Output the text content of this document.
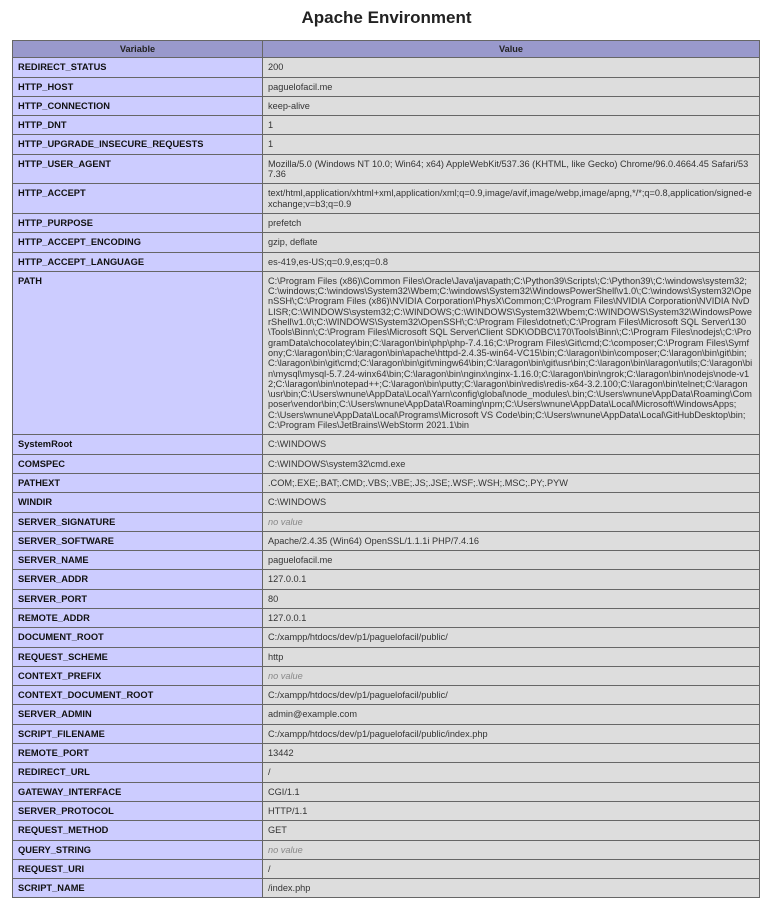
Apache Environment
Variable	Value
REDIRECT_STATUS	200
HTTP_HOST	paguelofacil.me
HTTP_CONNECTION	keep-alive
HTTP_DNT	1
HTTP_UPGRADE_INSECURE_REQUESTS	1
HTTP_USER_AGENT	Mozilla/5.0 (Windows NT 10.0; Win64; x64) AppleWebKit/537.36 (KHTML, like Gecko) Chrome/96.0.4664.45 Safari/537.36
HTTP_ACCEPT	text/html,application/xhtml+xml,application/xml;q=0.9,image/avif,image/webp,image/apng,*/*;q=0.8,application/signed-exchange;v=b3;q=0.9
HTTP_PURPOSE	prefetch
HTTP_ACCEPT_ENCODING	gzip, deflate
HTTP_ACCEPT_LANGUAGE	es-419,es-US;q=0.9,es;q=0.8
PATH	C:\Program Files (x86)\Common Files\Oracle\Java\javapath;C:\Python39\Scripts\;C:\Python39\;C:\windows\system32;C:\windows;C:\windows\System32\Wbem;C:\windows\System32\WindowsPowerShell\v1.0\;C:\windows\System32\OpenSSH\;C:\Program Files (x86)\NVIDIA Corporation\PhysX\Common;C:\Program Files\NVIDIA Corporation\NVIDIA NvDLISR;C:\WINDOWS\system32;C:\WINDOWS;C:\WINDOWS\System32\Wbem;C:\WINDOWS\System32\WindowsPowerShell\v1.0\;C:\WINDOWS\System32\OpenSSH\;C:\Program Files\dotnet\;C:\Program Files\Microsoft SQL Server\130\Tools\Binn\;C:\Program Files\Microsoft SQL Server\Client SDK\ODBC\170\Tools\Binn\;C:\Program Files\nodejs\;C:\ProgramData\chocolatey\bin;C:\laragon\bin\php\php-7.4.16;C:\Program Files\Git\cmd;C:\composer;C:\Program Files\Symfony;C:\laragon\bin;C:\laragon\bin\apache\httpd-2.4.35-win64-VC15\bin;C:\laragon\bin\composer;C:\laragon\bin\git\bin;C:\laragon\bin\git\cmd;C:\laragon\bin\git\mingw64\bin;C:\laragon\bin\git\usr\bin;C:\laragon\bin\laragon\utils;C:\laragon\bin\mysql\mysql-5.7.24-winx64\bin;C:\laragon\bin\nginx\nginx-1.16.0;C:\laragon\bin\ngrok;C:\laragon\bin\nodejs\node-v12;C:\laragon\bin\notepad++;C:\laragon\bin\putty;C:\laragon\bin\redis\redis-x64-3.2.100;C:\laragon\bin\telnet;C:\laragon\usr\bin;C:\Users\wnune\AppData\Local\Yarn\config\global\node_modules\.bin;C:\Users\wnune\AppData\Roaming\Composer\vendor\bin;C:\Users\wnune\AppData\Roaming\npm;C:\Users\wnune\AppData\Local\Microsoft\WindowsApps;C:\Users\wnune\AppData\Local\Programs\Microsoft VS Code\bin;C:\Users\wnune\AppData\Local\GitHubDesktop\bin;C:\Program Files\JetBrains\WebStorm 2021.1\bin
SystemRoot	C:\WINDOWS
COMSPEC	C:\WINDOWS\system32\cmd.exe
PATHEXT	.COM;.EXE;.BAT;.CMD;.VBS;.VBE;.JS;.JSE;.WSF;.WSH;.MSC;.PY;.PYW
WINDIR	C:\WINDOWS
SERVER_SIGNATURE	no value
SERVER_SOFTWARE	Apache/2.4.35 (Win64) OpenSSL/1.1.1i PHP/7.4.16
SERVER_NAME	paguelofacil.me
SERVER_ADDR	127.0.0.1
SERVER_PORT	80
REMOTE_ADDR	127.0.0.1
DOCUMENT_ROOT	C:/xampp/htdocs/dev/p1/paguelofacil/public/
REQUEST_SCHEME	http
CONTEXT_PREFIX	no value
CONTEXT_DOCUMENT_ROOT	C:/xampp/htdocs/dev/p1/paguelofacil/public/
SERVER_ADMIN	admin@example.com
SCRIPT_FILENAME	C:/xampp/htdocs/dev/p1/paguelofacil/public/index.php
REMOTE_PORT	13442
REDIRECT_URL	/
GATEWAY_INTERFACE	CGI/1.1
SERVER_PROTOCOL	HTTP/1.1
REQUEST_METHOD	GET
QUERY_STRING	no value
REQUEST_URI	/
SCRIPT_NAME	/index.php
